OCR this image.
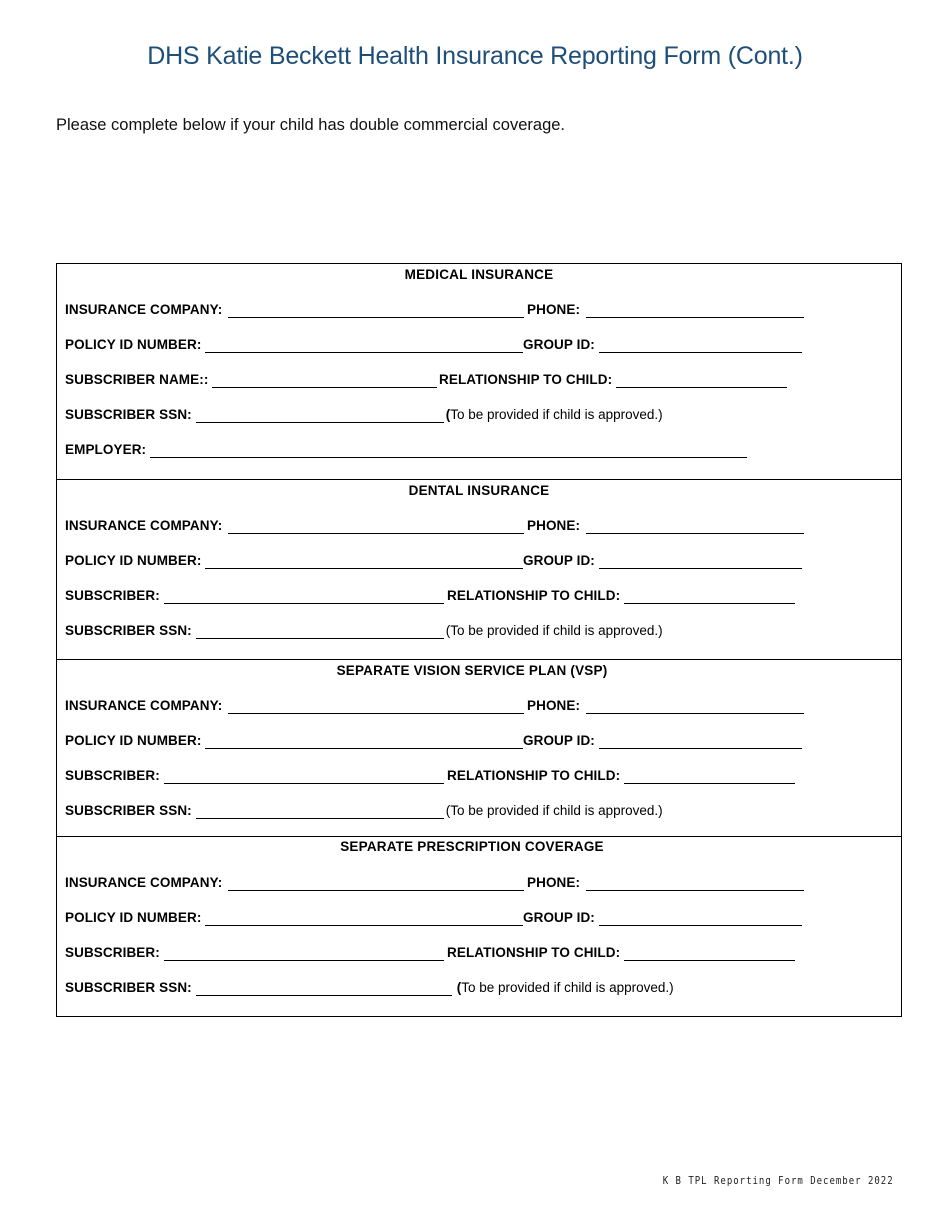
DHS Katie Beckett Health Insurance Reporting Form (Cont.)
Please complete below if your child has double commercial coverage.
MEDICAL INSURANCE
INSURANCE COMPANY:	PHONE:
POLICY ID NUMBER:	GROUP ID:
SUBSCRIBER NAME::	RELATIONSHIP TO CHILD:
SUBSCRIBER SSN:	(To be provided if child is approved.)
EMPLOYER:
DENTAL INSURANCE
INSURANCE COMPANY:	PHONE:
POLICY ID NUMBER:	GROUP ID:
SUBSCRIBER:	RELATIONSHIP TO CHILD:
SUBSCRIBER SSN:	(To be provided if child is approved.)
SEPARATE VISION SERVICE PLAN (VSP)
INSURANCE COMPANY:	PHONE:
POLICY ID NUMBER:	GROUP ID:
SUBSCRIBER:	RELATIONSHIP TO CHILD:
SUBSCRIBER SSN:	(To be provided if child is approved.)
SEPARATE PRESCRIPTION COVERAGE
INSURANCE COMPANY:	PHONE:
POLICY ID NUMBER:	GROUP ID:
SUBSCRIBER:	RELATIONSHIP TO CHILD:
SUBSCRIBER SSN:	(To be provided if child is approved.)
K B TPL Reporting Form December 2022
